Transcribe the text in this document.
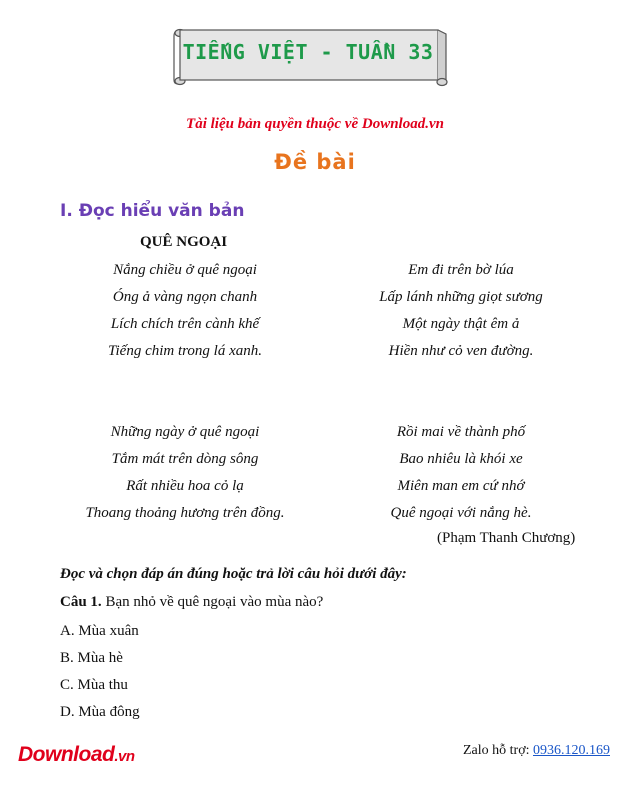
TIẾNG VIỆT - TUẦN 33
Tài liệu bản quyền thuộc về Download.vn
Đề bài
I. Đọc hiểu văn bản
QUÊ NGOẠI
Nắng chiều ở quê ngoại
Óng ả vàng ngọn chanh
Lích chích trên cành khế
Tiếng chim trong lá xanh.
Những ngày ở quê ngoại
Tắm mát trên dòng sông
Rất nhiều hoa cỏ lạ
Thoang thoảng hương trên đồng.
Em đi trên bờ lúa
Lấp lánh những giọt sương
Một ngày thật êm ả
Hiền như cỏ ven đường.
Rồi mai về thành phố
Bao nhiêu là khói xe
Miên man em cứ nhớ
Quê ngoại với nắng hè.
(Phạm Thanh Chương)
Đọc và chọn đáp án đúng hoặc trả lời câu hỏi dưới đây:
Câu 1. Bạn nhỏ về quê ngoại vào mùa nào?
A. Mùa xuân
B. Mùa hè
C. Mùa thu
D. Mùa đông
Download.vn	Zalo hỗ trợ: 0936.120.169
